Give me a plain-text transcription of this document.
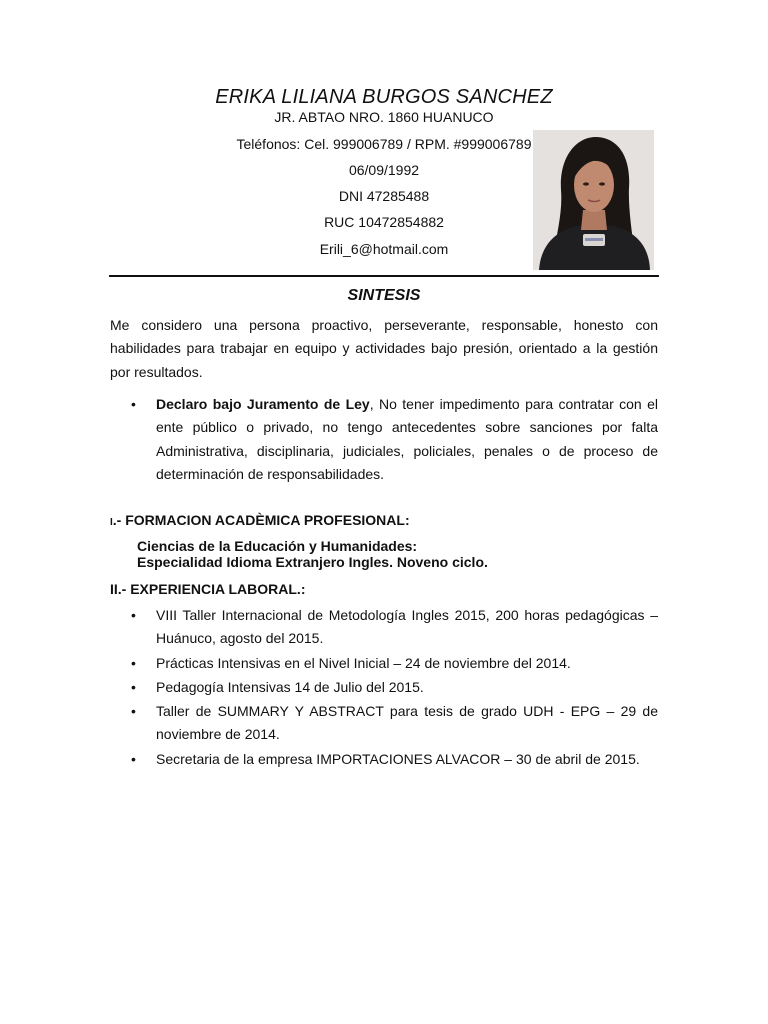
ERIKA LILIANA BURGOS SANCHEZ
JR. ABTAO NRO. 1860 HUANUCO
Teléfonos: Cel. 999006789 / RPM. #999006789
06/09/1992
DNI 47285488
RUC 10472854882
Erili_6@hotmail.com
SINTESIS
Me considero una persona proactivo, perseverante, responsable, honesto con habilidades para trabajar en equipo y actividades bajo presión, orientado a la gestión por resultados.
•	Declaro bajo Juramento de Ley, No tener impedimento para contratar con el ente público o privado, no tengo antecedentes sobre sanciones por falta Administrativa, disciplinaria, judiciales, policiales, penales o de proceso de determinación de responsabilidades.
I.- FORMACION ACADÈMICA PROFESIONAL:
Ciencias de la Educación y Humanidades:
Especialidad Idioma Extranjero Ingles. Noveno ciclo.
II.- EXPERIENCIA LABORAL.:
•	VIII Taller Internacional de Metodología Ingles 2015, 200 horas pedagógicas – Huánuco, agosto del 2015.
•	Prácticas Intensivas en el Nivel Inicial – 24 de noviembre del 2014.
•	Pedagogía Intensivas 14 de Julio del 2015.
•	Taller de SUMMARY Y ABSTRACT para tesis de grado UDH - EPG – 29 de noviembre de 2014.
•	Secretaria de la empresa IMPORTACIONES ALVACOR – 30 de abril de 2015.
